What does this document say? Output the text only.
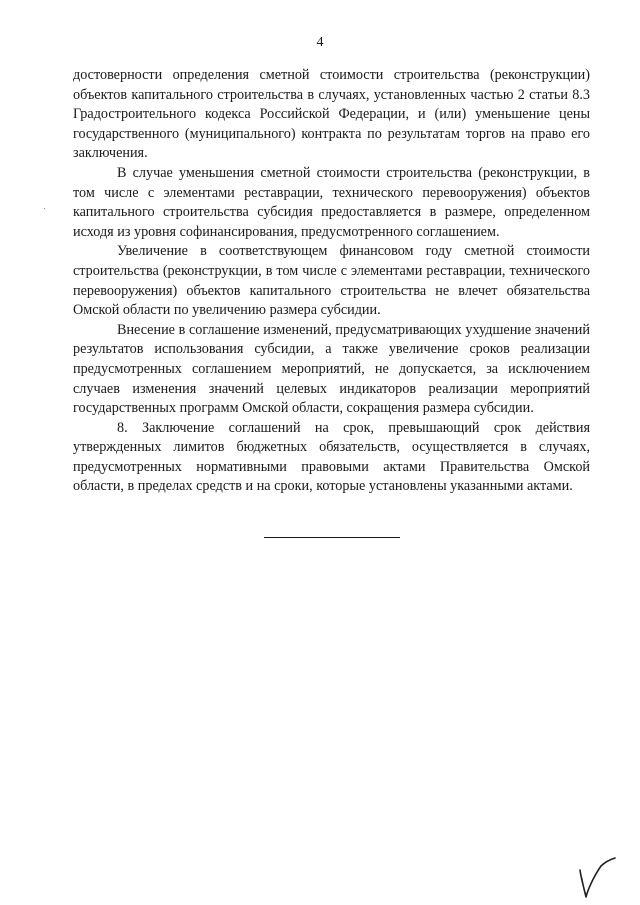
4

достоверности определения сметной стоимости строительства (реконструкции) объектов капитального строительства в случаях, установленных частью 2 статьи 8.3 Градостроительного кодекса Российской Федерации, и (или) уменьшение цены государственного (муниципального) контракта по результатам торгов на право его заключения.

В случае уменьшения сметной стоимости строительства (реконструкции, в том числе с элементами реставрации, технического перевооружения) объектов капитального строительства субсидия предоставляется в размере, определенном исходя из уровня софинансирования, предусмотренного соглашением.

Увеличение в соответствующем финансовом году сметной стоимости строительства (реконструкции, в том числе с элементами реставрации, технического перевооружения) объектов капитального строительства не влечет обязательства Омской области по увеличению размера субсидии.

Внесение в соглашение изменений, предусматривающих ухудшение значений результатов использования субсидии, а также увеличение сроков реализации предусмотренных соглашением мероприятий, не допускается, за исключением случаев изменения значений целевых индикаторов реализации мероприятий государственных программ Омской области, сокращения размера субсидии.

8. Заключение соглашений на срок, превышающий срок действия утвержденных лимитов бюджетных обязательств, осуществляется в случаях, предусмотренных нормативными правовыми актами Правительства Омской области, в пределах средств и на сроки, которые установлены указанными актами.
